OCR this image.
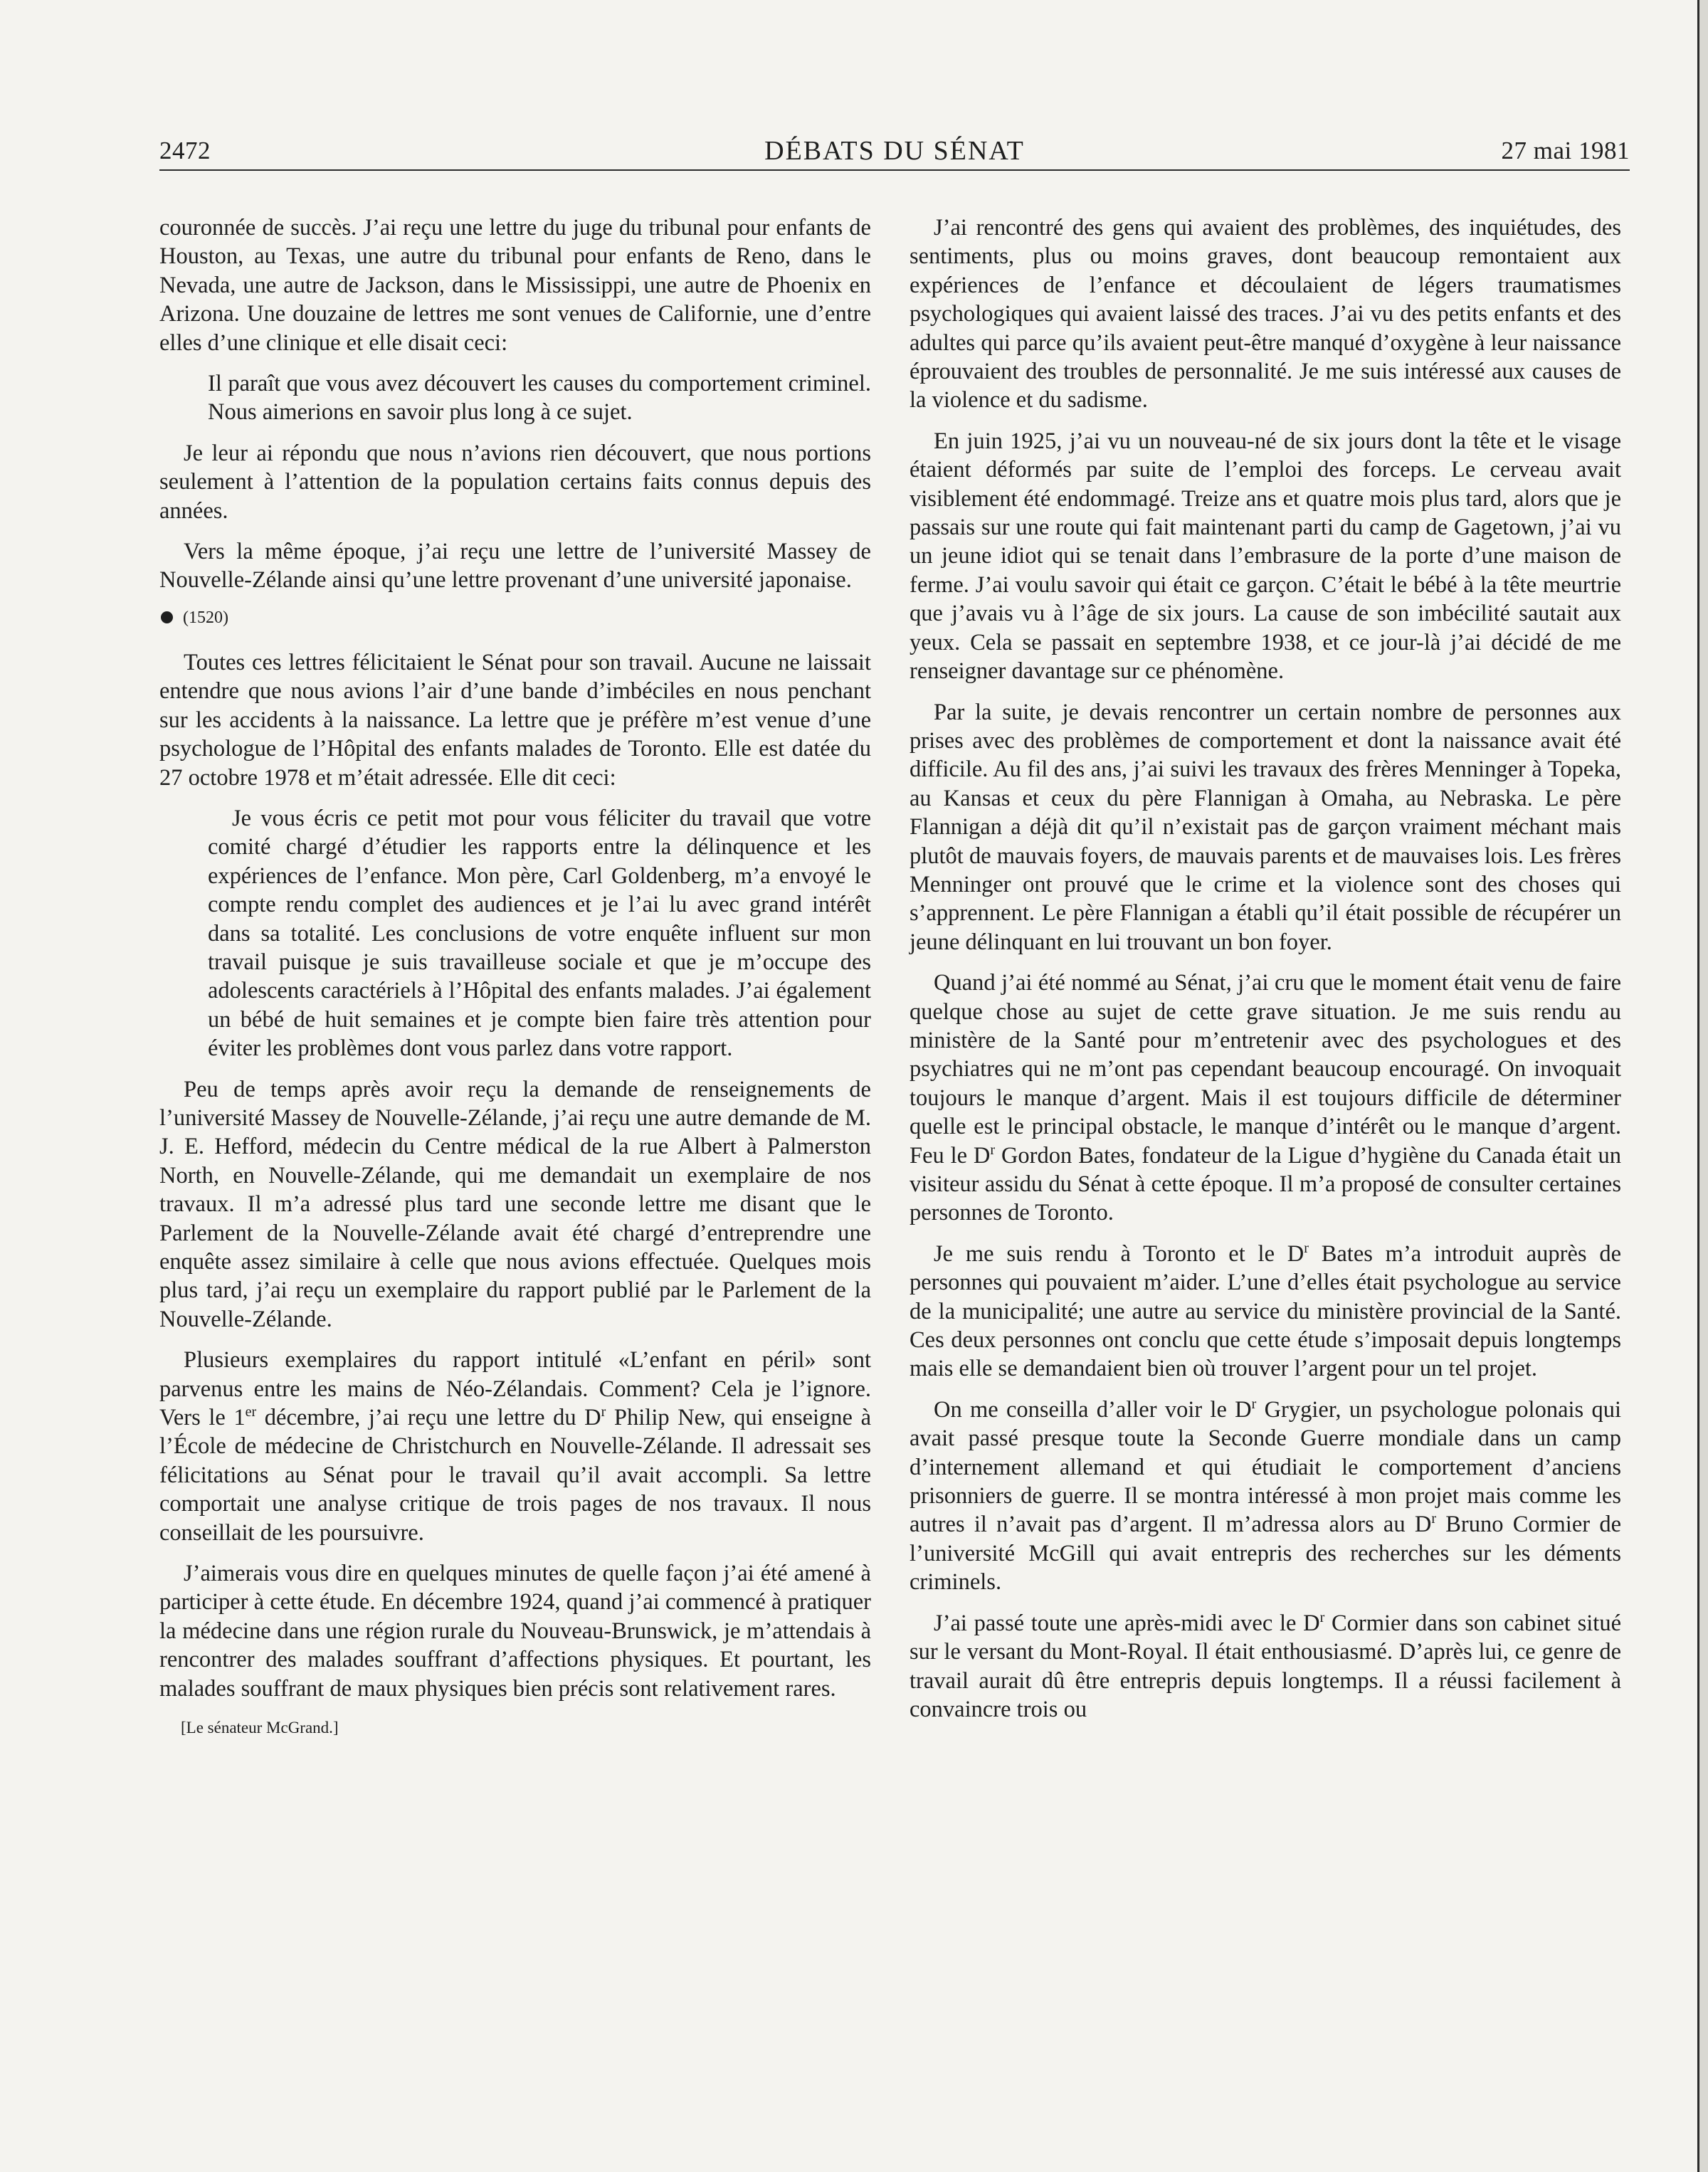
2472	DÉBATS DU SÉNAT	27 mai 1981

couronnée de succès. J’ai reçu une lettre du juge du tribunal pour enfants de Houston, au Texas, une autre du tribunal pour enfants de Reno, dans le Nevada, une autre de Jackson, dans le Mississippi, une autre de Phoenix en Arizona. Une douzaine de lettres me sont venues de Californie, une d’entre elles d’une clinique et elle disait ceci:

Il paraît que vous avez découvert les causes du comportement criminel. Nous aimerions en savoir plus long à ce sujet.

Je leur ai répondu que nous n’avions rien découvert, que nous portions seulement à l’attention de la population certains faits connus depuis des années.

Vers la même époque, j’ai reçu une lettre de l’université Massey de Nouvelle-Zélande ainsi qu’une lettre provenant d’une université japonaise.

(1520)

Toutes ces lettres félicitaient le Sénat pour son travail. Aucune ne laissait entendre que nous avions l’air d’une bande d’imbéciles en nous penchant sur les accidents à la naissance. La lettre que je préfère m’est venue d’une psychologue de l’Hôpital des enfants malades de Toronto. Elle est datée du 27 octobre 1978 et m’était adressée. Elle dit ceci:

Je vous écris ce petit mot pour vous féliciter du travail que votre comité chargé d’étudier les rapports entre la délinquence et les expériences de l’enfance. Mon père, Carl Goldenberg, m’a envoyé le compte rendu complet des audiences et je l’ai lu avec grand intérêt dans sa totalité. Les conclusions de votre enquête influent sur mon travail puisque je suis travailleuse sociale et que je m’occupe des adolescents caractériels à l’Hôpital des enfants malades. J’ai également un bébé de huit semaines et je compte bien faire très attention pour éviter les problèmes dont vous parlez dans votre rapport.

Peu de temps après avoir reçu la demande de renseignements de l’université Massey de Nouvelle-Zélande, j’ai reçu une autre demande de M. J. E. Hefford, médecin du Centre médical de la rue Albert à Palmerston North, en Nouvelle-Zélande, qui me demandait un exemplaire de nos travaux. Il m’a adressé plus tard une seconde lettre me disant que le Parlement de la Nouvelle-Zélande avait été chargé d’entreprendre une enquête assez similaire à celle que nous avions effectuée. Quelques mois plus tard, j’ai reçu un exemplaire du rapport publié par le Parlement de la Nouvelle-Zélande.

Plusieurs exemplaires du rapport intitulé «L’enfant en péril» sont parvenus entre les mains de Néo-Zélandais. Comment? Cela je l’ignore. Vers le 1er décembre, j’ai reçu une lettre du $D^r$ Philip New, qui enseigne à l’École de médecine de Christchurch en Nouvelle-Zélande. Il adressait ses félicitations au Sénat pour le travail qu’il avait accompli. Sa lettre comportait une analyse critique de trois pages de nos travaux. Il nous conseillait de les poursuivre.

J’aimerais vous dire en quelques minutes de quelle façon j’ai été amené à participer à cette étude. En décembre 1924, quand j’ai commencé à pratiquer la médecine dans une région rurale du Nouveau-Brunswick, je m’attendais à rencontrer des malades souffrant d’affections physiques. Et pourtant, les malades souffrant de maux physiques bien précis sont relativement rares.

[Le sénateur McGrand.]

J’ai rencontré des gens qui avaient des problèmes, des inquiétudes, des sentiments, plus ou moins graves, dont beaucoup remontaient aux expériences de l’enfance et découlaient de légers traumatismes psychologiques qui avaient laissé des traces. J’ai vu des petits enfants et des adultes qui parce qu’ils avaient peut-être manqué d’oxygène à leur naissance éprouvaient des troubles de personnalité. Je me suis intéressé aux causes de la violence et du sadisme.

En juin 1925, j’ai vu un nouveau-né de six jours dont la tête et le visage étaient déformés par suite de l’emploi des forceps. Le cerveau avait visiblement été endommagé. Treize ans et quatre mois plus tard, alors que je passais sur une route qui fait maintenant parti du camp de Gagetown, j’ai vu un jeune idiot qui se tenait dans l’embrasure de la porte d’une maison de ferme. J’ai voulu savoir qui était ce garçon. C’était le bébé à la tête meurtrie que j’avais vu à l’âge de six jours. La cause de son imbécilité sautait aux yeux. Cela se passait en septembre 1938, et ce jour-là j’ai décidé de me renseigner davantage sur ce phénomène.

Par la suite, je devais rencontrer un certain nombre de personnes aux prises avec des problèmes de comportement et dont la naissance avait été difficile. Au fil des ans, j’ai suivi les travaux des frères Menninger à Topeka, au Kansas et ceux du père Flannigan à Omaha, au Nebraska. Le père Flannigan a déjà dit qu’il n’existait pas de garçon vraiment méchant mais plutôt de mauvais foyers, de mauvais parents et de mauvaises lois. Les frères Menninger ont prouvé que le crime et la violence sont des choses qui s’apprennent. Le père Flannigan a établi qu’il était possible de récupérer un jeune délinquant en lui trouvant un bon foyer.

Quand j’ai été nommé au Sénat, j’ai cru que le moment était venu de faire quelque chose au sujet de cette grave situation. Je me suis rendu au ministère de la Santé pour m’entretenir avec des psychologues et des psychiatres qui ne m’ont pas cependant beaucoup encouragé. On invoquait toujours le manque d’argent. Mais il est toujours difficile de déterminer quelle est le principal obstacle, le manque d’intérêt ou le manque d’argent. Feu le $D^r$ Gordon Bates, fondateur de la Ligue d’hygiène du Canada était un visiteur assidu du Sénat à cette époque. Il m’a proposé de consulter certaines personnes de Toronto.

Je me suis rendu à Toronto et le $D^r$ Bates m’a introduit auprès de personnes qui pouvaient m’aider. L’une d’elles était psychologue au service de la municipalité; une autre au service du ministère provincial de la Santé. Ces deux personnes ont conclu que cette étude s’imposait depuis longtemps mais elle se demandaient bien où trouver l’argent pour un tel projet.

On me conseilla d’aller voir le $D^r$ Grygier, un psychologue polonais qui avait passé presque toute la Seconde Guerre mondiale dans un camp d’internement allemand et qui étudiait le comportement d’anciens prisonniers de guerre. Il se montra intéressé à mon projet mais comme les autres il n’avait pas d’argent. Il m’adressa alors au $D^r$ Bruno Cormier de l’université McGill qui avait entrepris des recherches sur les déments criminels.

J’ai passé toute une après-midi avec le $D^r$ Cormier dans son cabinet situé sur le versant du Mont-Royal. Il était enthousiasmé. D’après lui, ce genre de travail aurait dû être entrepris depuis longtemps. Il a réussi facilement à convaincre trois ou
